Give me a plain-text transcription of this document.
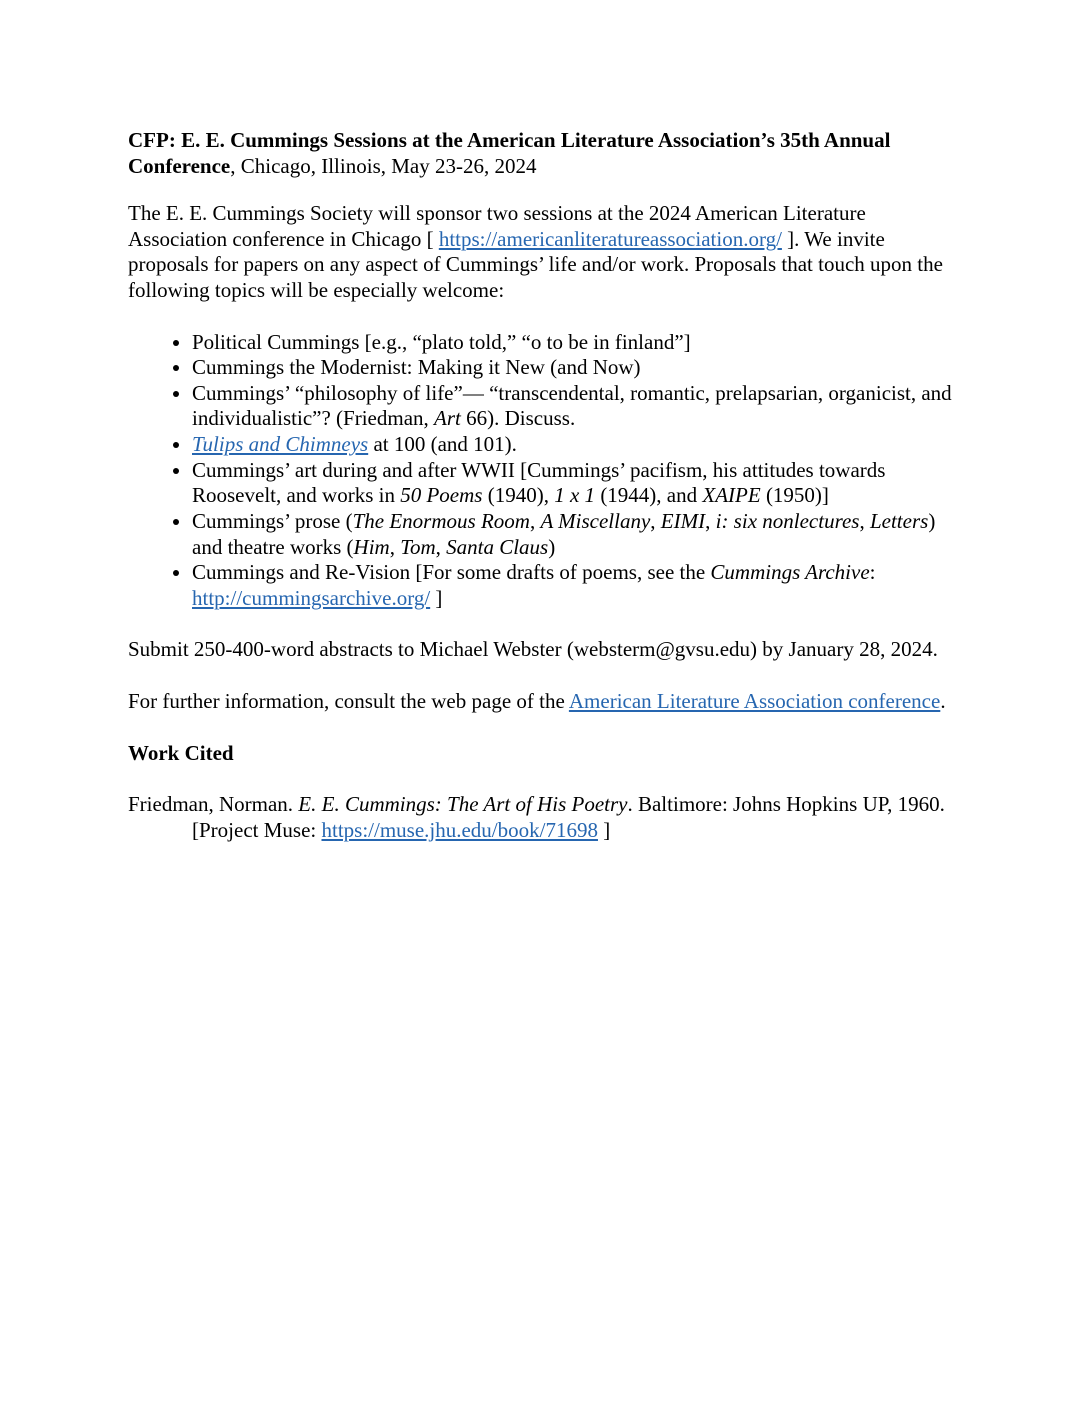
CFP: E. E. Cummings Sessions at the American Literature Association’s 35th Annual Conference, Chicago, Illinois, May 23-26, 2024

The E. E. Cummings Society will sponsor two sessions at the 2024 American Literature Association conference in Chicago [ https://americanliteratureassociation.org/ ]. We invite proposals for papers on any aspect of Cummings’ life and/or work. Proposals that touch upon the following topics will be especially welcome:

• Political Cummings [e.g., “plato told,” “o to be in finland”]
• Cummings the Modernist: Making it New (and Now)
• Cummings’ “philosophy of life”— “transcendental, romantic, prelapsarian, organicist, and individualistic”? (Friedman, Art 66). Discuss.
• Tulips and Chimneys at 100 (and 101).
• Cummings’ art during and after WWII [Cummings’ pacifism, his attitudes towards Roosevelt, and works in 50 Poems (1940), 1 x 1 (1944), and XAIPE (1950)]
• Cummings’ prose (The Enormous Room, A Miscellany, EIMI, i: six nonlectures, Letters) and theatre works (Him, Tom, Santa Claus)
• Cummings and Re-Vision [For some drafts of poems, see the Cummings Archive: http://cummingsarchive.org/ ]

Submit 250-400-word abstracts to Michael Webster (websterm@gvsu.edu) by January 28, 2024.

For further information, consult the web page of the American Literature Association conference.

Work Cited

Friedman, Norman. E. E. Cummings: The Art of His Poetry. Baltimore: Johns Hopkins UP, 1960. [Project Muse: https://muse.jhu.edu/book/71698 ]
